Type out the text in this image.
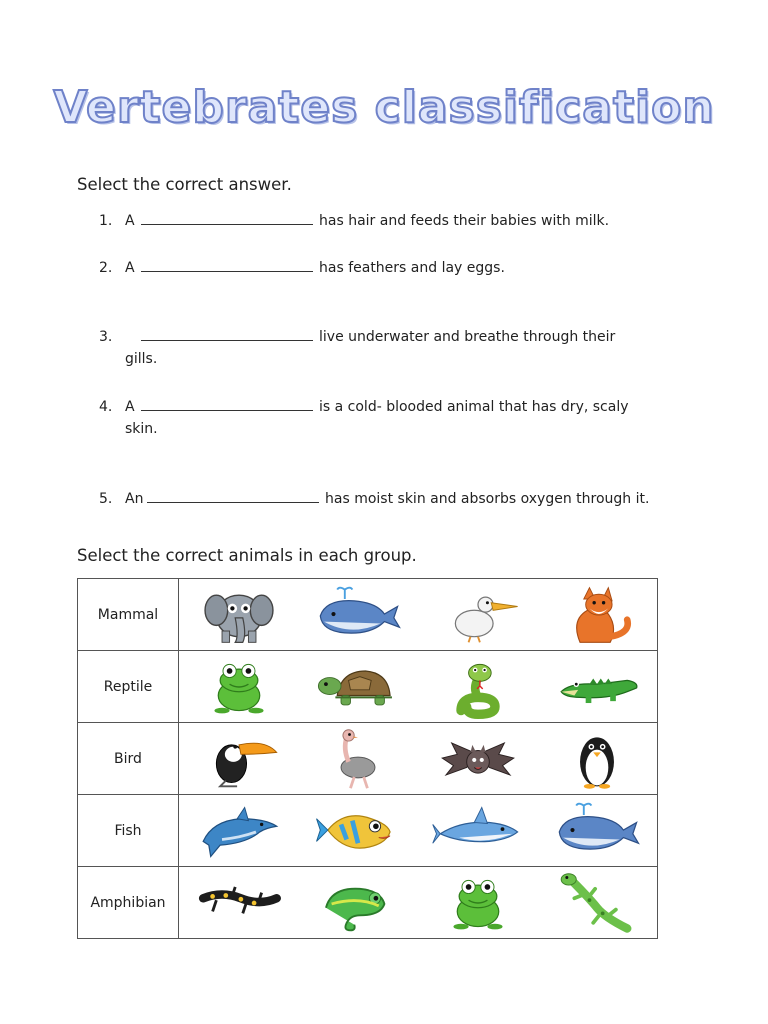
Vertebrates classification
Select the correct answer.
1. A	has hair and feeds their babies with milk.
2. A	has feathers and lay eggs.
3.	live underwater and breathe through their
gills.
4. A	is a cold- blooded animal that has dry, scaly
skin.
5. An	has moist skin and absorbs oxygen through it.
Select the correct animals in each group.
Mammal	

Reptile	

Bird	

Fish	

Amphibian	
